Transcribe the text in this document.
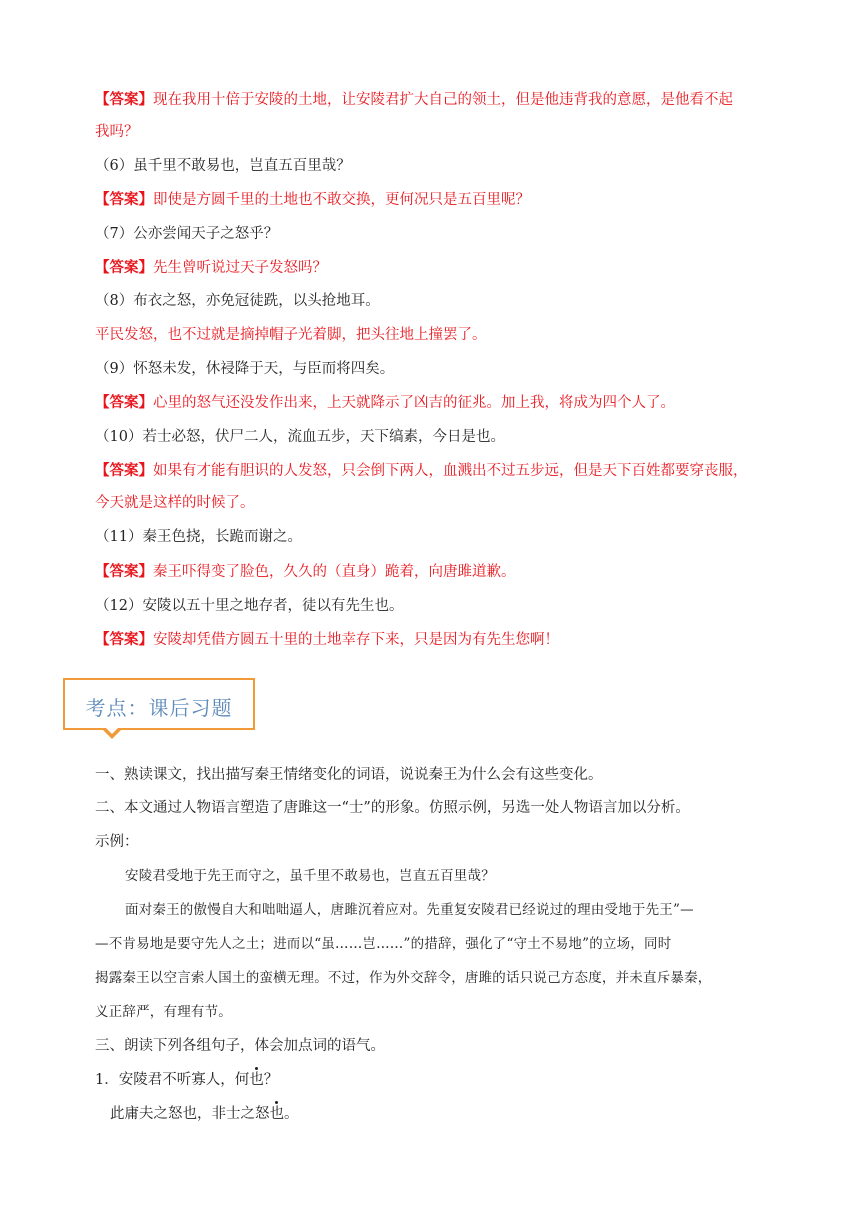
【答案】现在我用十倍于安陵的土地，让安陵君扩大自己的领土，但是他违背我的意愿，是他看不起
我吗？
（6）虽千里不敢易也，岂直五百里哉？
【答案】即使是方圆千里的土地也不敢交换，更何况只是五百里呢？
（7）公亦尝闻天子之怒乎？
【答案】先生曾听说过天子发怒吗？
（8）布衣之怒，亦免冠徒跣，以头抢地耳。
平民发怒，也不过就是摘掉帽子光着脚，把头往地上撞罢了。
（9）怀怒未发，休祲降于天，与臣而将四矣。
【答案】心里的怒气还没发作出来，上天就降示了凶吉的征兆。加上我，将成为四个人了。
（10）若士必怒，伏尸二人，流血五步，天下缟素，今日是也。
【答案】如果有才能有胆识的人发怒，只会倒下两人，血溅出不过五步远，但是天下百姓都要穿丧服，
今天就是这样的时候了。
（11）秦王色挠，长跪而谢之。
【答案】秦王吓得变了脸色，久久的（直身）跪着，向唐雎道歉。
（12）安陵以五十里之地存者，徒以有先生也。
【答案】安陵却凭借方圆五十里的土地幸存下来，只是因为有先生您啊！
考点：课后习题
一、熟读课文，找出描写秦王情绪变化的词语，说说秦王为什么会有这些变化。
二、本文通过人物语言塑造了唐雎这一“士”的形象。仿照示例，另选一处人物语言加以分析。
示例：
安陵君受地于先王而守之，虽千里不敢易也，岂直五百里哉？
面对秦王的傲慢自大和咄咄逼人，唐雎沉着应对。先重复安陵君已经说过的理由受地于先王”—
—不肯易地是要守先人之土；进而以“虽……岂……”的措辞，强化了“守土不易地”的立场，同时
揭露秦王以空言索人国土的蛮横无理。不过，作为外交辞令，唐雎的话只说己方态度，并未直斥暴秦，
义正辞严，有理有节。
三、朗读下列各组句子，体会加点词的语气。
1．安陵君不听寡人，何也？
此庸夫之怒也，非士之怒也。
